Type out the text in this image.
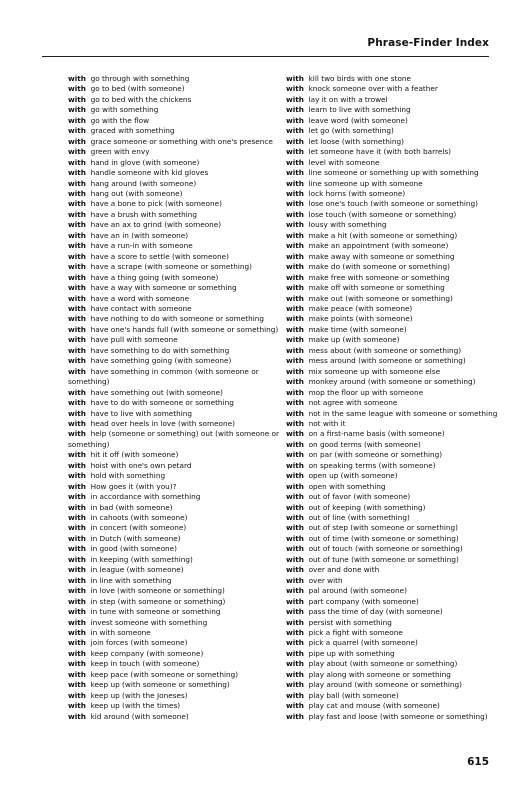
Phrase-Finder Index
with go through with something
with go to bed (with someone)
with go to bed with the chickens
with go with something
with go with the flow
with graced with something
with grace someone or something with one's presence
with green with envy
with hand in glove (with someone)
with handle someone with kid gloves
with hang around (with someone)
with hang out (with someone)
with have a bone to pick (with someone)
with have a brush with something
with have an ax to grind (with someone)
with have an in (with someone)
with have a run-in with someone
with have a score to settle (with someone)
with have a scrape (with someone or something)
with have a thing going (with someone)
with have a way with someone or something
with have a word with someone
with have contact with someone
with have nothing to do with someone or something
with have one's hands full (with someone or something)
with have pull with someone
with have something to do with something
with have something going (with someone)
with have something in common (with someone or something)
with have something out (with someone)
with have to do with someone or something
with have to live with something
with head over heels in love (with someone)
with help (someone or something) out (with someone or something)
with hit it off (with someone)
with hoist with one's own petard
with hold with something
with How goes it (with you)?
with in accordance with something
with in bad (with someone)
with in cahoots (with someone)
with in concert (with someone)
with in Dutch (with someone)
with in good (with someone)
with in keeping (with something)
with in league (with someone)
with in line with something
with in love (with someone or something)
with in step (with someone or something)
with in tune with someone or something
with invest someone with something
with in with someone
with join forces (with someone)
with keep company (with someone)
with keep in touch (with someone)
with keep pace (with someone or something)
with keep up (with someone or something)
with keep up (with the Joneses)
with keep up (with the times)
with kid around (with someone)
with kill two birds with one stone
with knock someone over with a feather
with lay it on with a trowel
with learn to live with something
with leave word (with someone)
with let go (with something)
with let loose (with something)
with let someone have it (with both barrels)
with level with someone
with line someone or something up with something
with line someone up with someone
with lock horns (with someone)
with lose one's touch (with someone or something)
with lose touch (with someone or something)
with lousy with something
with make a hit (with someone or something)
with make an appointment (with someone)
with make away with someone or something
with make do (with someone or something)
with make free with someone or something
with make off with someone or something
with make out (with someone or something)
with make peace (with someone)
with make points (with someone)
with make time (with someone)
with make up (with someone)
with mess about (with someone or something)
with mess around (with someone or something)
with mix someone up with someone else
with monkey around (with someone or something)
with mop the floor up with someone
with not agree with someone
with not in the same league with someone or something
with not with it
with on a first-name basis (with someone)
with on good terms (with someone)
with on par (with someone or something)
with on speaking terms (with someone)
with open up (with someone)
with open with something
with out of favor (with someone)
with out of keeping (with something)
with out of line (with something)
with out of step (with someone or something)
with out of time (with someone or something)
with out of touch (with someone or something)
with out of tune (with someone or something)
with over and done with
with over with
with pal around (with someone)
with part company (with someone)
with pass the time of day (with someone)
with persist with something
with pick a fight with someone
with pick a quarrel (with someone)
with pipe up with something
with play about (with someone or something)
with play along with someone or something
with play around (with someone or something)
with play ball (with someone)
with play cat and mouse (with someone)
with play fast and loose (with someone or something)
615
